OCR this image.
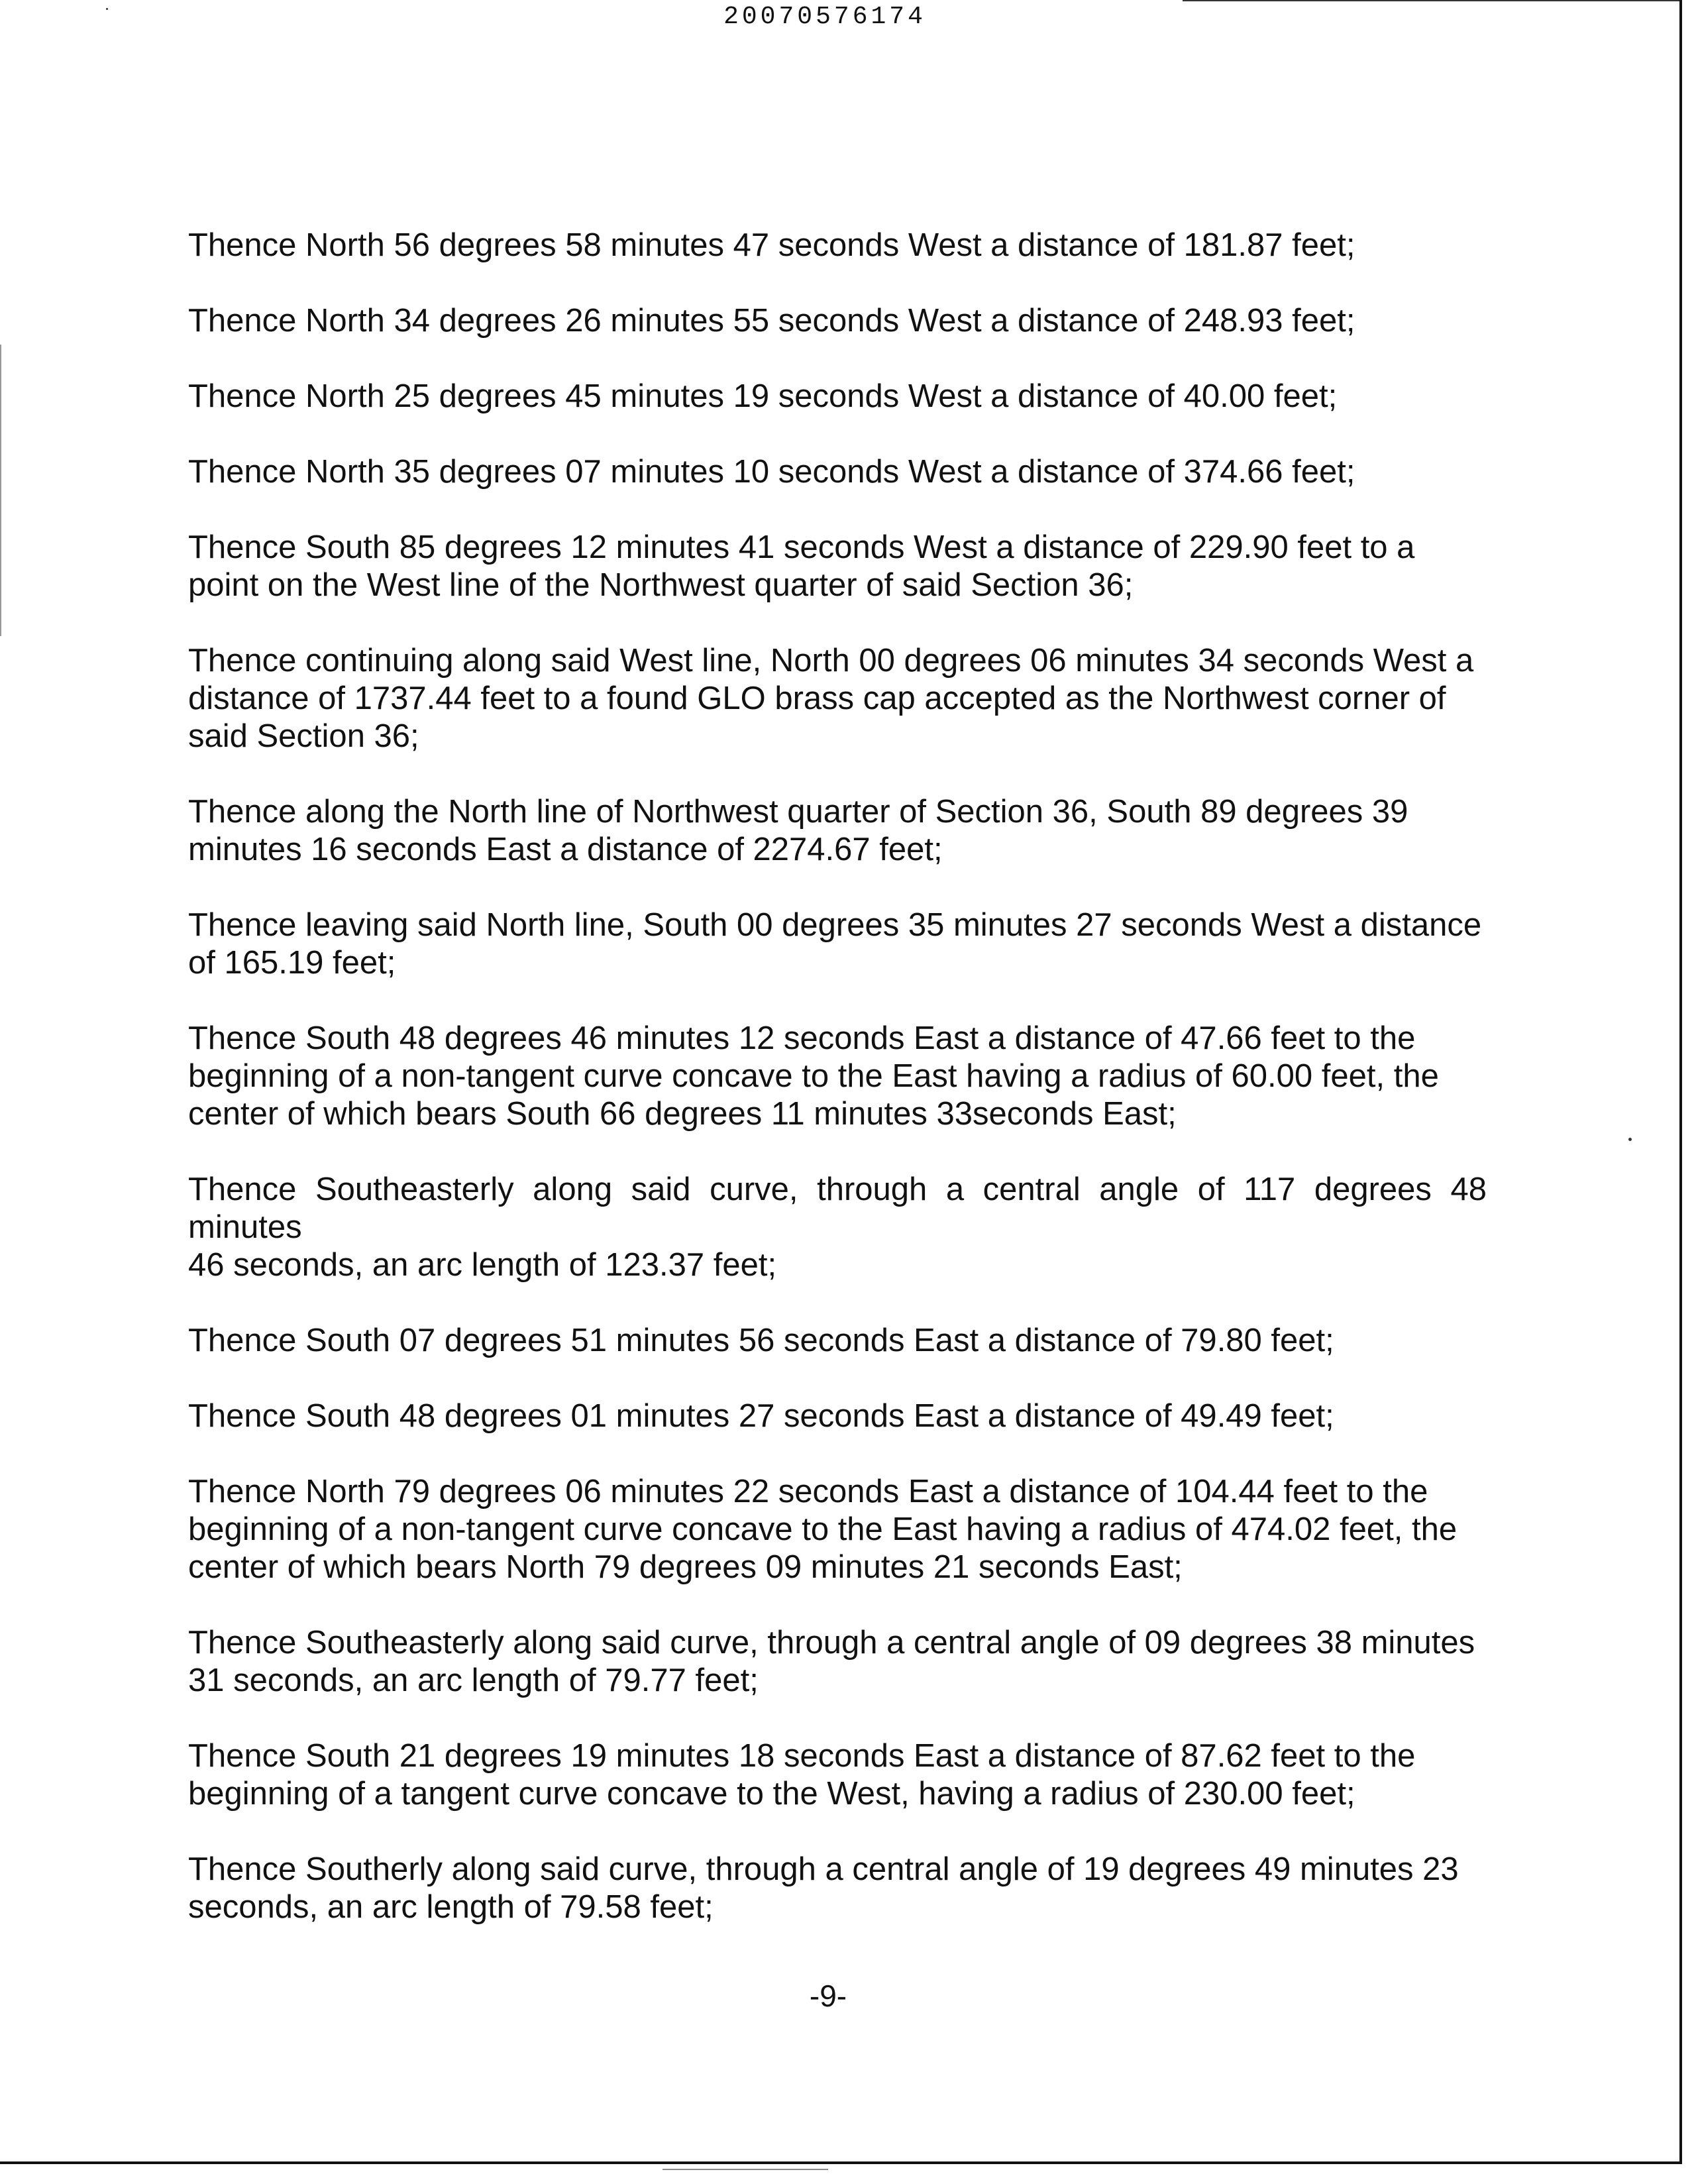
20070576174

Thence North 56 degrees 58 minutes 47 seconds West a distance of 181.87 feet;

Thence North 34 degrees 26 minutes 55 seconds West a distance of 248.93 feet;

Thence North 25 degrees 45 minutes 19 seconds West a distance of 40.00 feet;

Thence North 35 degrees 07 minutes 10 seconds West a distance of 374.66 feet;

Thence South 85 degrees 12 minutes 41 seconds West a distance of 229.90 feet to a
point on the West line of the Northwest quarter of said Section 36;

Thence continuing along said West line, North 00 degrees 06 minutes 34 seconds West a
distance of 1737.44 feet to a found GLO brass cap accepted as the Northwest corner of
said Section 36;

Thence along the North line of Northwest quarter of Section 36, South 89 degrees 39
minutes 16 seconds East a distance of 2274.67 feet;

Thence leaving said North line, South 00 degrees 35 minutes 27 seconds West a distance
of 165.19 feet;

Thence South 48 degrees 46 minutes 12 seconds East a distance of 47.66 feet to the
beginning of a non-tangent curve concave to the East having a radius of 60.00 feet, the
center of which bears South 66 degrees 11 minutes 33seconds East;

Thence Southeasterly along said curve, through a central angle of 117 degrees 48 minutes
46 seconds, an arc length of 123.37 feet;

Thence South 07 degrees 51 minutes 56 seconds East a distance of 79.80 feet;

Thence South 48 degrees 01 minutes 27 seconds East a distance of 49.49 feet;

Thence North 79 degrees 06 minutes 22 seconds East a distance of 104.44 feet to the
beginning of a non-tangent curve concave to the East having a radius of 474.02 feet, the
center of which bears North 79 degrees 09 minutes 21 seconds East;

Thence Southeasterly along said curve, through a central angle of 09 degrees 38 minutes
31 seconds, an arc length of 79.77 feet;

Thence South 21 degrees 19 minutes 18 seconds East a distance of 87.62 feet to the
beginning of a tangent curve concave to the West, having a radius of 230.00 feet;

Thence Southerly along said curve, through a central angle of 19 degrees 49 minutes 23
seconds, an arc length of 79.58 feet;

-9-
